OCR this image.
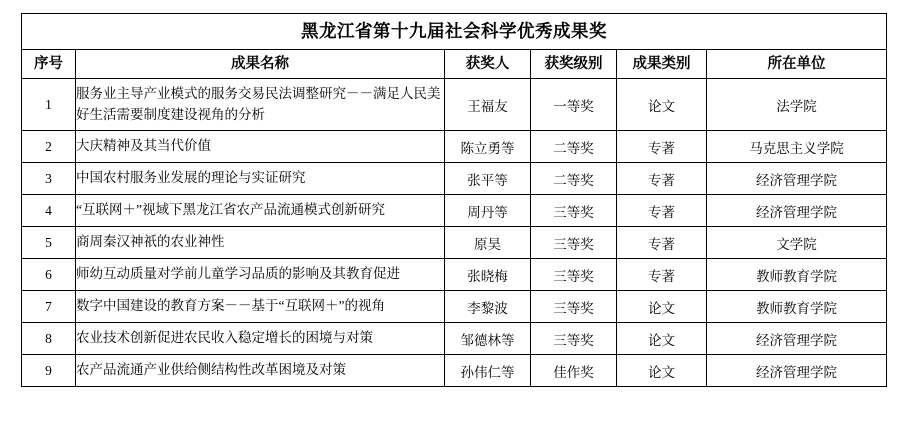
黑龙江省第十九届社会科学优秀成果奖					
序号	成果名称	获奖人	获奖级别	成果类别	所在单位
1	服务业主导产业模式的服务交易民法调整研究－－满足人民美好生活需要制度建设视角的分析	王福友	一等奖	论文	法学院
2	大庆精神及其当代价值	陈立勇等	二等奖	专著	马克思主义学院
3	中国农村服务业发展的理论与实证研究	张平等	二等奖	专著	经济管理学院
4	“互联网＋”视域下黑龙江省农产品流通模式创新研究	周丹等	三等奖	专著	经济管理学院
5	商周秦汉神祇的农业神性	原昊	三等奖	专著	文学院
6	师幼互动质量对学前儿童学习品质的影响及其教育促进	张晓梅	三等奖	专著	教师教育学院
7	数字中国建设的教育方案－－基于“互联网＋”的视角	李黎波	三等奖	论文	教师教育学院
8	农业技术创新促进农民收入稳定增长的困境与对策	邹德林等	三等奖	论文	经济管理学院
9	农产品流通产业供给侧结构性改革困境及对策	孙伟仁等	佳作奖	论文	经济管理学院
